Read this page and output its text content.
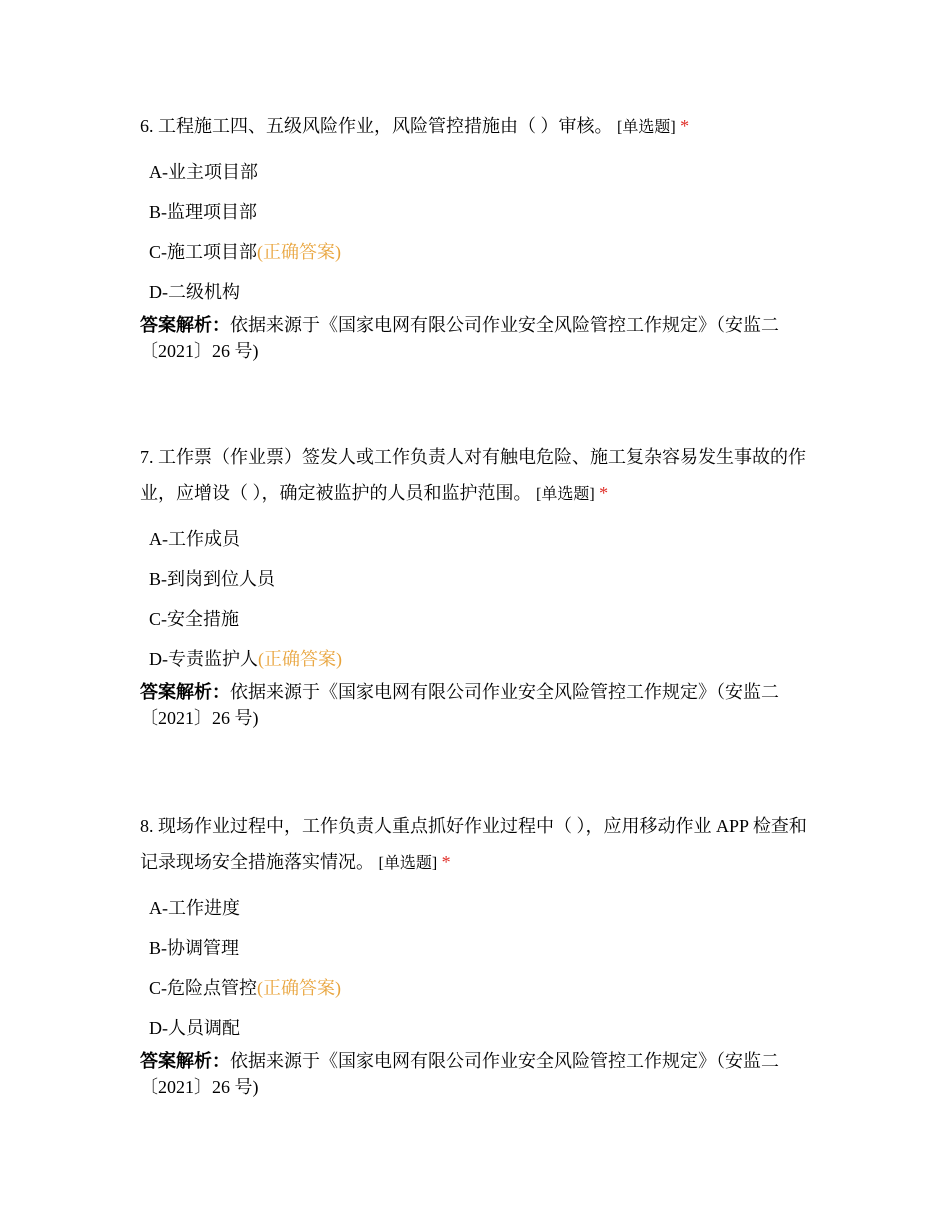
6. 工程施工四、五级风险作业，风险管控措施由（ ）审核。 [单选题] *

A-业主项目部
B-监理项目部
C-施工项目部(正确答案)
D-二级机构
答案解析：依据来源于《国家电网有限公司作业安全风险管控工作规定》（安监二〔2021〕26 号)

7. 工作票（作业票）签发人或工作负责人对有触电危险、施工复杂容易发生事故的作业，应增设（ ），确定被监护的人员和监护范围。 [单选题] *

A-工作成员
B-到岗到位人员
C-安全措施
D-专责监护人(正确答案)
答案解析：依据来源于《国家电网有限公司作业安全风险管控工作规定》（安监二〔2021〕26 号)

8. 现场作业过程中，工作负责人重点抓好作业过程中（ ），应用移动作业 APP 检查和记录现场安全措施落实情况。 [单选题] *

A-工作进度
B-协调管理
C-危险点管控(正确答案)
D-人员调配
答案解析：依据来源于《国家电网有限公司作业安全风险管控工作规定》（安监二〔2021〕26 号)
